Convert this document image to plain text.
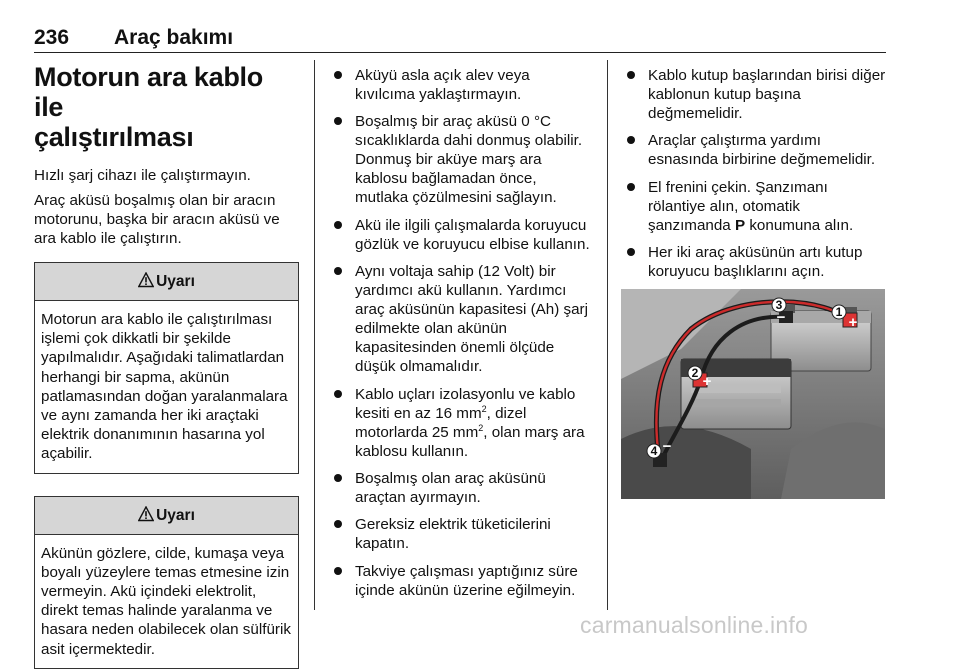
236 Araç bakımı
Motorun ara kablo ile
çalıştırılması

Hızlı şarj cihazı ile çalıştırmayın.

Araç aküsü boşalmış olan bir aracın motorunu, başka bir aracın aküsü ve ara kablo ile çalıştırın.

Uyarı
Motorun ara kablo ile çalıştırılması işlemi çok dikkatli bir şekilde yapılmalıdır. Aşağıdaki talimatlardan herhangi bir sapma, akünün patlamasından doğan yaralanmalara ve aynı zamanda her iki araçtaki elektrik donanımının hasarına yol açabilir.
Uyarı
Akünün gözlere, cilde, kumaşa veya boyalı yüzeylere temas etmesine izin vermeyin. Akü içindeki elektrolit, direkt temas halinde yaralanma ve hasara neden olabilecek olan sülfürik asit içermektedir.
Aküyü asla açık alev veya kıvılcıma yaklaştırmayın.
Boşalmış bir araç aküsü 0 °C sıcaklıklarda dahi donmuş olabilir. Donmuş bir aküye marş ara kablosu bağlamadan önce, mutlaka çözülmesini sağlayın.
Akü ile ilgili çalışmalarda koruyucu gözlük ve koruyucu elbise kullanın.
Aynı voltaja sahip (12 Volt) bir yardımcı akü kullanın. Yardımcı araç aküsünün kapasitesi (Ah) şarj edilmekte olan akünün kapasitesinden önemli ölçüde düşük olmamalıdır.
Kablo uçları izolasyonlu ve kablo kesiti en az 16 $mm^2$, dizel motorlarda 25 $mm^2$, olan marş ara kablosu kullanın.
Boşalmış olan araç aküsünü araçtan ayırmayın.
Gereksiz elektrik tüketicilerini kapatın.
Takviye çalışması yaptığınız süre içinde akünün üzerine eğilmeyin.
Kablo kutup başlarından birisi diğer kablonun kutup başına değmemelidir.
Araçlar çalıştırma yardımı esnasında birbirine değmemelidir.
El frenini çekin. Şanzımanı rölantiye alın, otomatik şanzımanda P konumuna alın.
Her iki araç aküsünün artı kutup koruyucu başlıklarını açın.
1
+
2 +
3
−
4 −
carmanualsonline.info
